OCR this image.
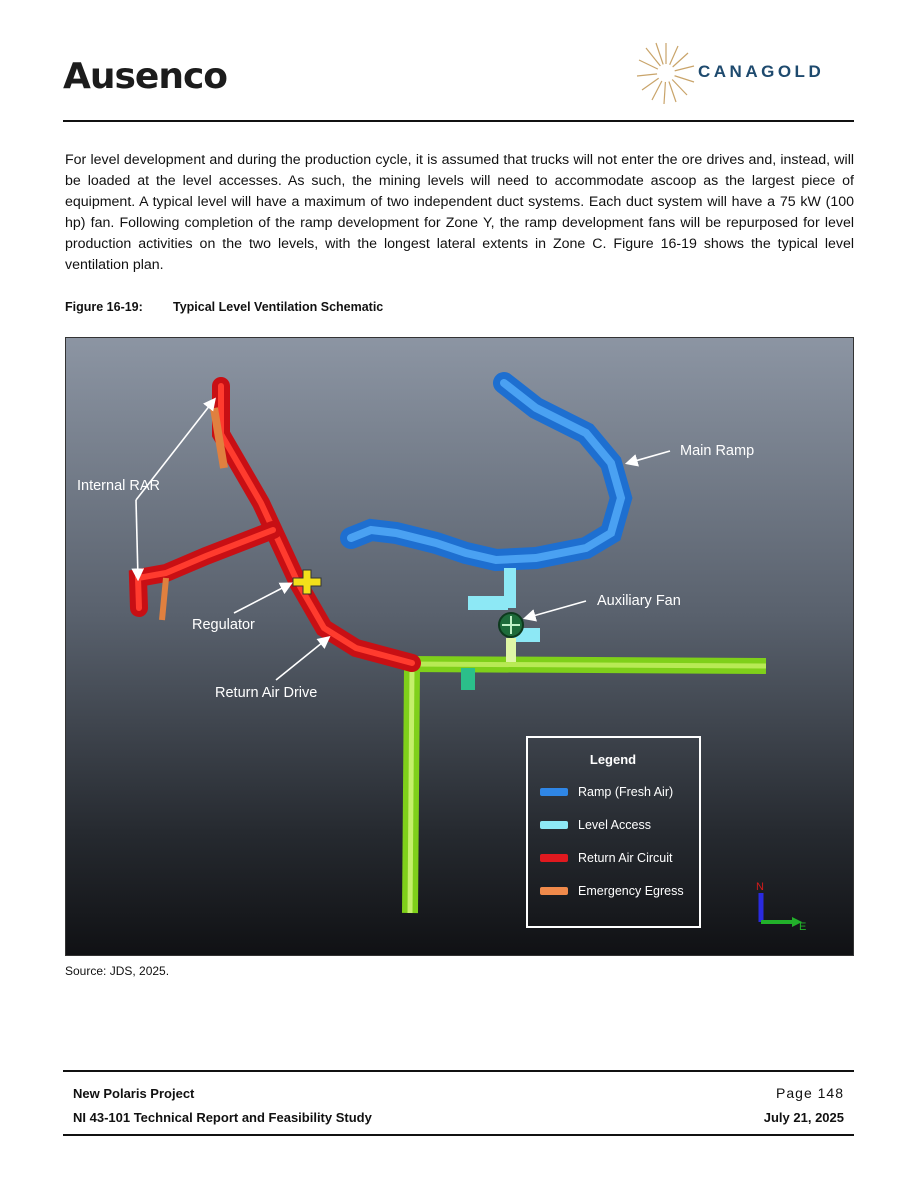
Ausenco	CANAGOLD

For level development and during the production cycle, it is assumed that trucks will not enter the ore drives and, instead, will be loaded at the level accesses. As such, the mining levels will need to accommodate ascoop as the largest piece of equipment. A typical level will have a maximum of two independent duct systems. Each duct system will have a 75 kW (100 hp) fan. Following completion of the ramp development for Zone Y, the ramp development fans will be repurposed for level production activities on the two levels, with the longest lateral extents in Zone C. Figure 16-19 shows the typical level ventilation plan.

Figure 16-19: Typical Level Ventilation Schematic
N
E
Internal RAR
Main Ramp
Auxiliary Fan
Regulator
Return Air Drive
Legend
Ramp (Fresh Air)
Level Access
Return Air Circuit
Emergency Egress
Source: JDS, 2025.
New Polaris Project
NI 43-101 Technical Report and Feasibility Study
Page 148
July 21, 2025
